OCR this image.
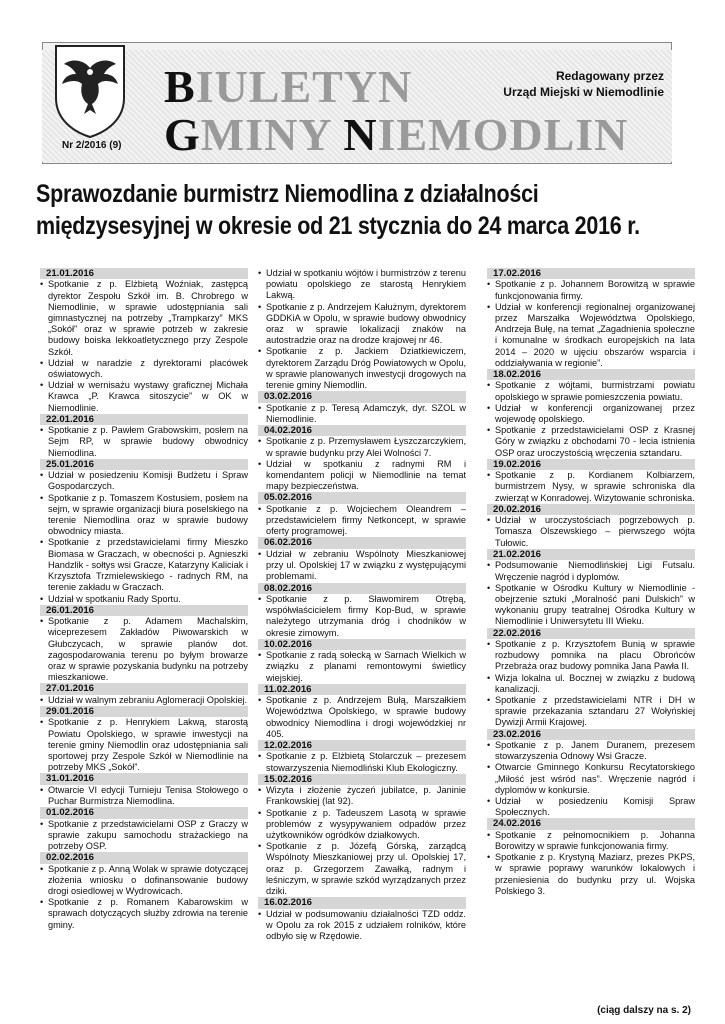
Nr 2/2016 (9)
BIULETYN
GMINY NIEMODLIN
Redagowany przez
Urząd Miejski w Niemodlinie
Sprawozdanie burmistrz Niemodlina z działalności
międzysesyjnej w okresie od 21 stycznia do 24 marca 2016 r.
21.01.2016
• Spotkanie z p. Elżbietą Woźniak, zastępcą dyrektor Zespołu Szkół im. B. Chrobrego w Niemodlinie, w sprawie udostępniania sali gimnastycznej na potrzeby „Trampkarzy” MKS „Sokół” oraz w sprawie potrzeb w zakresie budowy boiska lekkoatletycznego przy Zespole Szkół.
• Udział w naradzie z dyrektorami placówek oświatowych.
• Udział w wernisażu wystawy graficznej Michała Krawca „P. Krawca sitoszycie” w OK w Niemodlinie.
22.01.2016
• Spotkanie z p. Pawłem Grabowskim, posłem na Sejm RP, w sprawie budowy obwodnicy Niemodlina.
25.01.2016
• Udział w posiedzeniu Komisji Budżetu i Spraw Gospodarczych.
• Spotkanie z p. Tomaszem Kostusiem, posłem na sejm, w sprawie organizacji biura poselskiego na terenie Niemodlina oraz w sprawie budowy obwodnicy miasta.
• Spotkanie z przedstawicielami firmy Mieszko Biomasa w Graczach, w obecności p. Agnieszki Handzlik - sołtys wsi Gracze, Katarzyny Kaliciak i Krzysztofa Trzmielewskiego - radnych RM, na terenie zakładu w Graczach.
• Udział w spotkaniu Rady Sportu.
26.01.2016
• Spotkanie z p. Adamem Machalskim, wiceprezesem Zakładów Piwowarskich w Głubczycach, w sprawie planów dot. zagospodarowania terenu po byłym browarze oraz w sprawie pozyskania budynku na potrzeby mieszkaniowe.
27.01.2016
• Udział w walnym zebraniu Aglomeracji Opolskiej.
29.01.2016
• Spotkanie z p. Henrykiem Lakwą, starostą Powiatu Opolskiego, w sprawie inwestycji na terenie gminy Niemodlin oraz udostępniania sali sportowej przy Zespole Szkół w Niemodlinie na potrzeby MKS „Sokół”.
31.01.2016
• Otwarcie VI edycji Turnieju Tenisa Stołowego o Puchar Burmistrza Niemodlina.
01.02.2016
• Spotkanie z przedstawicielami OSP z Graczy w sprawie zakupu samochodu strażackiego na potrzeby OSP.
02.02.2016
• Spotkanie z p. Anną Wolak w sprawie dotyczącej złożenia wniosku o dofinansowanie budowy drogi osiedlowej w Wydrowicach.
• Spotkanie z p. Romanem Kabarowskim w sprawach dotyczących służby zdrowia na terenie gminy.
• Udział w spotkaniu wójtów i burmistrzów z terenu powiatu opolskiego ze starostą Henrykiem Lakwą.
• Spotkanie z p. Andrzejem Kałużnym, dyrektorem GDDKiA w Opolu, w sprawie budowy obwodnicy oraz w sprawie lokalizacji znaków na autostradzie oraz na drodze krajowej nr 46.
• Spotkanie z p. Jackiem Dziatkiewiczem, dyrektorem Zarządu Dróg Powiatowych w Opolu, w sprawie planowanych inwestycji drogowych na terenie gminy Niemodlin.
03.02.2016
• Spotkanie z p. Teresą Adamczyk, dyr. SZOL w Niemodlinie.
04.02.2016
• Spotkanie z p. Przemysławem Łyszczarczykiem, w sprawie budynku przy Alei Wolności 7.
• Udział w spotkaniu z radnymi RM i komendantem policji w Niemodlinie na temat mapy bezpieczeństwa.
05.02.2016
• Spotkanie z p. Wojciechem Oleandrem – przedstawicielem firmy Netkoncept, w sprawie oferty programowej.
06.02.2016
• Udział w zebraniu Wspólnoty Mieszkaniowej przy ul. Opolskiej 17 w związku z występującymi problemami.
08.02.2016
• Spotkanie z p. Sławomirem Otrębą, współwłaścicielem firmy Kop-Bud, w sprawie należytego utrzymania dróg i chodników w okresie zimowym.
10.02.2016
• Spotkanie z radą sołecką w Sarnach Wielkich w związku z planami remontowymi świetlicy wiejskiej.
11.02.2016
• Spotkanie z p. Andrzejem Bułą, Marszałkiem Województwa Opolskiego, w sprawie budowy obwodnicy Niemodlina i drogi wojewódzkiej nr 405.
12.02.2016
• Spotkanie z p. Elżbietą Stolarczuk – prezesem stowarzyszenia Niemodliński Klub Ekologiczny.
15.02.2016
• Wizyta i złożenie życzeń jubilatce, p. Janinie Frankowskiej (lat 92).
• Spotkanie z p. Tadeuszem Lasotą w sprawie problemów z wysypywaniem odpadów przez użytkowników ogródków działkowych.
• Spotkanie z p. Józefą Górską, zarządcą Wspólnoty Mieszkaniowej przy ul. Opolskiej 17, oraz p. Grzegorzem Zawałką, radnym i leśniczym, w sprawie szkód wyrządzanych przez dziki.
16.02.2016
• Udział w podsumowaniu działalności TZD oddz. w Opolu za rok 2015 z udziałem rolników, które odbyło się w Rzędowie.
17.02.2016
• Spotkanie z p. Johannem Borowitzą w sprawie funkcjonowania firmy.
• Udział w konferencji regionalnej organizowanej przez Marszałka Województwa Opolskiego, Andrzeja Bułę, na temat „Zagadnienia społeczne i komunalne w środkach europejskich na lata 2014 – 2020 w ujęciu obszarów wsparcia i oddziaływania w regionie”.
18.02.2016
• Spotkanie z wójtami, burmistrzami powiatu opolskiego w sprawie pomieszczenia powiatu.
• Udział w konferencji organizowanej przez wojewodę opolskiego.
• Spotkanie z przedstawicielami OSP z Krasnej Góry w związku z obchodami 70 - lecia istnienia OSP oraz uroczystością wręczenia sztandaru.
19.02.2016
• Spotkanie z p. Kordianem Kolbiarzem, burmistrzem Nysy, w sprawie schroniska dla zwierząt w Konradowej. Wizytowanie schroniska.
20.02.2016
• Udział w uroczystościach pogrzebowych p. Tomasza Olszewskiego – pierwszego wójta Tułowic.
21.02.2016
• Podsumowanie Niemodlińskiej Ligi Futsalu. Wręczenie nagród i dyplomów.
• Spotkanie w Ośrodku Kultury w Niemodlinie - obejrzenie sztuki „Moralność pani Dulskich” w wykonaniu grupy teatralnej Ośrodka Kultury w Niemodlinie i Uniwersytetu III Wieku.
22.02.2016
• Spotkanie z p. Krzysztofem Bunią w sprawie rozbudowy pomnika na placu Obrońców Przebraża oraz budowy pomnika Jana Pawła II.
• Wizja lokalna ul. Bocznej w związku z budową kanalizacji.
• Spotkanie z przedstawicielami NTR i DH w sprawie przekazania sztandaru 27 Wołyńskiej Dywizji Armii Krajowej.
23.02.2016
• Spotkanie z p. Janem Duranem, prezesem stowarzyszenia Odnowy Wsi Gracze.
• Otwarcie Gminnego Konkursu Recytatorskiego „Miłość jest wśród nas”. Wręczenie nagród i dyplomów w konkursie.
• Udział w posiedzeniu Komisji Spraw Społecznych.
24.02.2016
• Spotkanie z pełnomocnikiem p. Johanna Borowitzy w sprawie funkcjonowania firmy.
• Spotkanie z p. Krystyną Maziarz, prezes PKPS, w sprawie poprawy warunków lokalowych i przeniesienia do budynku przy ul. Wojska Polskiego 3.
(ciąg dalszy na s. 2)
